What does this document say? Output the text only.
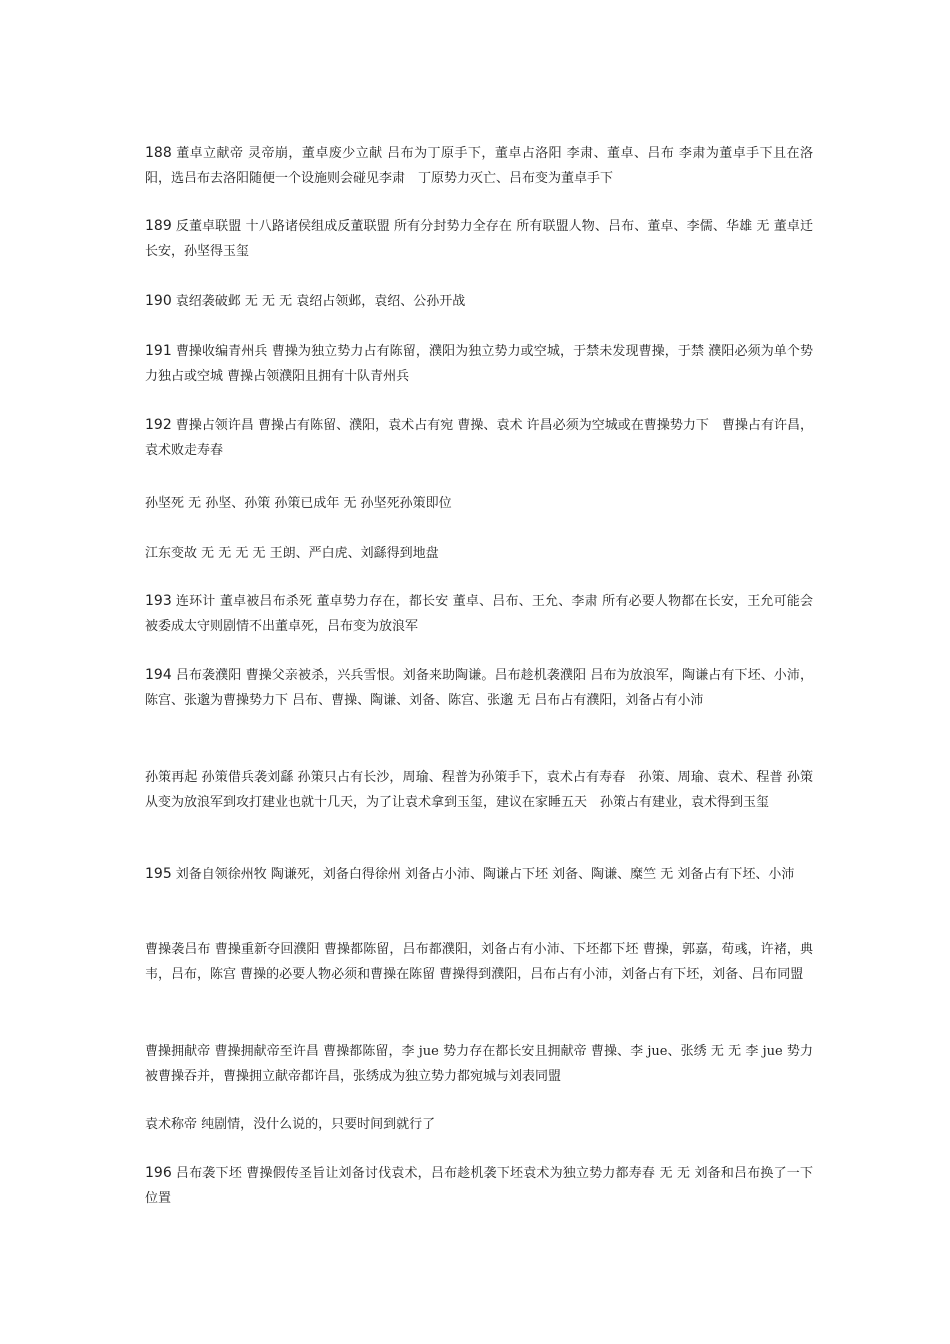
188 董卓立献帝 灵帝崩，董卓废少立献 吕布为丁原手下，董卓占洛阳 李肃、董卓、吕布 李肃为董卓手下且在洛阳，选吕布去洛阳随便一个设施则会碰见李肃　丁原势力灭亡、吕布变为董卓手下

189 反董卓联盟 十八路诸侯组成反董联盟 所有分封势力全存在 所有联盟人物、吕布、董卓、李儒、华雄 无 董卓迁长安，孙坚得玉玺

190 袁绍袭破邺 无 无 无 袁绍占领邺，袁绍、公孙开战

191 曹操收编青州兵 曹操为独立势力占有陈留，濮阳为独立势力或空城，于禁未发现曹操，于禁 濮阳必须为单个势力独占或空城 曹操占领濮阳且拥有十队青州兵

192 曹操占领许昌 曹操占有陈留、濮阳，袁术占有宛 曹操、袁术 许昌必须为空城或在曹操势力下　曹操占有许昌，袁术败走寿春

孙坚死 无 孙坚、孙策 孙策已成年 无 孙坚死孙策即位

江东变故 无 无 无 无 王朗、严白虎、刘繇得到地盘

193 连环计 董卓被吕布杀死 董卓势力存在，都长安 董卓、吕布、王允、李肃 所有必要人物都在长安，王允可能会被委成太守则剧情不出董卓死，吕布变为放浪军

194 吕布袭濮阳 曹操父亲被杀，兴兵雪恨。刘备来助陶谦。吕布趁机袭濮阳 吕布为放浪军，陶谦占有下坯、小沛，陈宫、张邈为曹操势力下 吕布、曹操、陶谦、刘备、陈宫、张邈 无 吕布占有濮阳，刘备占有小沛

孙策再起 孙策借兵袭刘繇 孙策只占有长沙，周瑜、程普为孙策手下，袁术占有寿春　孙策、周瑜、袁术、程普 孙策从变为放浪军到攻打建业也就十几天，为了让袁术拿到玉玺，建议在家睡五天　孙策占有建业，袁术得到玉玺

195 刘备自领徐州牧 陶谦死，刘备白得徐州 刘备占小沛、陶谦占下坯 刘备、陶谦、糜竺 无 刘备占有下坯、小沛

曹操袭吕布 曹操重新夺回濮阳 曹操都陈留，吕布都濮阳，刘备占有小沛、下坯都下坯 曹操，郭嘉，荀彧，许褚，典韦，吕布，陈宫 曹操的必要人物必须和曹操在陈留 曹操得到濮阳，吕布占有小沛，刘备占有下坯，刘备、吕布同盟

曹操拥献帝 曹操拥献帝至许昌 曹操都陈留，李 jue 势力存在都长安且拥献帝 曹操、李 jue、张绣 无 无 李 jue 势力被曹操吞并，曹操拥立献帝都许昌，张绣成为独立势力都宛城与刘表同盟

袁术称帝 纯剧情，没什么说的，只要时间到就行了

196 吕布袭下坯 曹操假传圣旨让刘备讨伐袁术，吕布趁机袭下坯袁术为独立势力都寿春 无 无 刘备和吕布换了一下位置
